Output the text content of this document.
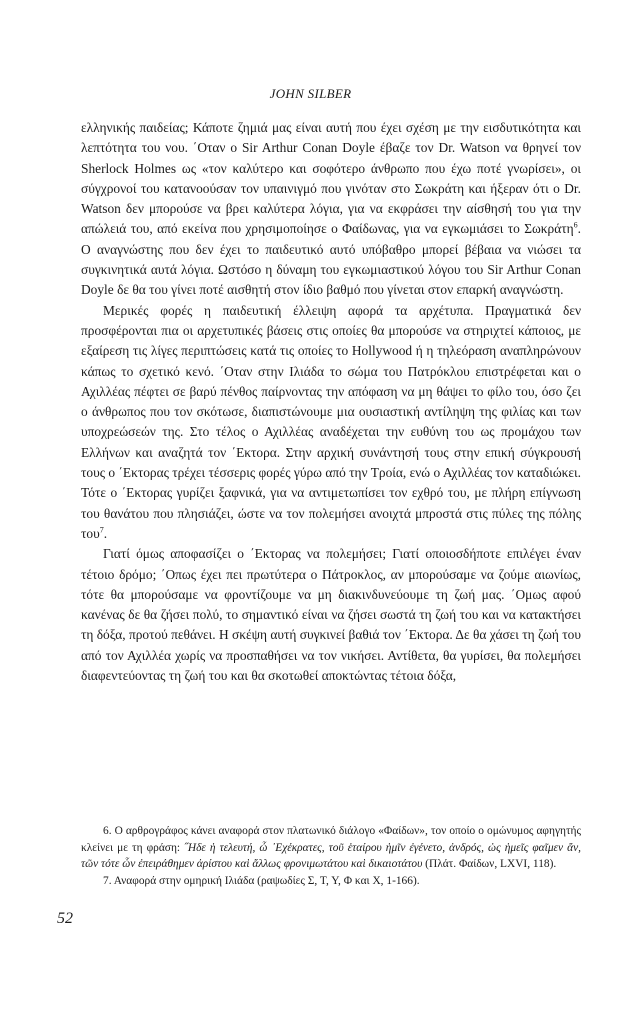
JOHN SILBER

ελληνικής παιδείας; Κάποτε ζημιά μας είναι αυτή που έχει σχέση με την εισδυτικότητα και λεπτότητα του νου. ΄Οταν ο Sir Arthur Conan Doyle έβαζε τον Dr. Watson να θρηνεί τον Sherlock Holmes ως «τον καλύτερο και σοφότερο άνθρωπο που έχω ποτέ γνωρίσει», οι σύγχρονοί του κατανοούσαν τον υπαινιγμό που γινόταν στο Σωκράτη και ήξεραν ότι ο Dr. Watson δεν μπορούσε να βρει καλύτερα λόγια, για να εκφράσει την αίσθησή του για την απώλειά του, από εκείνα που χρησιμοποίησε ο Φαίδωνας, για να εγκωμιάσει το Σωκράτη$^6$. Ο αναγνώστης που δεν έχει το παιδευτικό αυτό υπόβαθρο μπορεί βέβαια να νιώσει τα συγκινητικά αυτά λόγια. Ωστόσο η δύναμη του εγκωμιαστικού λόγου του Sir Arthur Conan Doyle δε θα του γίνει ποτέ αισθητή στον ίδιο βαθμό που γίνεται στον επαρκή αναγνώστη.

Μερικές φορές η παιδευτική έλλειψη αφορά τα αρχέτυπα. Πραγματικά δεν προσφέρονται πια οι αρχετυπικές βάσεις στις οποίες θα μπορούσε να στηριχτεί κάποιος, με εξαίρεση τις λίγες περιπτώσεις κατά τις οποίες το Hollywood ή η τηλεόραση αναπληρώνουν κάπως το σχετικό κενό. ΄Οταν στην Ιλιάδα το σώμα του Πατρόκλου επιστρέφεται και ο Αχιλλέας πέφτει σε βαρύ πένθος παίρνοντας την απόφαση να μη θάψει το φίλο του, όσο ζει ο άνθρωπος που τον σκότωσε, διαπιστώνουμε μια ουσιαστική αντίληψη της φιλίας και των υποχρεώσεών της. Στο τέλος ο Αχιλλέας αναδέχεται την ευθύνη του ως προμάχου των Ελλήνων και αναζητά τον ΄Εκτορα. Στην αρχική συνάντησή τους στην επική σύγκρουσή τους ο ΄Εκτορας τρέχει τέσσερις φορές γύρω από την Τροία, ενώ ο Αχιλλέας τον καταδιώκει. Τότε ο ΄Εκτορας γυρίζει ξαφνικά, για να αντιμετωπίσει τον εχθρό του, με πλήρη επίγνωση του θανάτου που πλησιάζει, ώστε να τον πολεμήσει ανοιχτά μπροστά στις πύλες της πόλης του$^7$.

Γιατί όμως αποφασίζει ο ΄Εκτορας να πολεμήσει; Γιατί οποιοσδήποτε επιλέγει έναν τέτοιο δρόμο; ΄Οπως έχει πει πρωτύτερα ο Πάτροκλος, αν μπορούσαμε να ζούμε αιωνίως, τότε θα μπορούσαμε να φροντίζουμε να μη διακινδυνεύουμε τη ζωή μας. ΄Ομως αφού κανένας δε θα ζήσει πολύ, το σημαντικό είναι να ζήσει σωστά τη ζωή του και να κατακτήσει τη δόξα, προτού πεθάνει. Η σκέψη αυτή συγκινεί βαθιά τον ΄Εκτορα. Δε θα χάσει τη ζωή του από τον Αχιλλέα χωρίς να προσπαθήσει να τον νικήσει. Αντίθετα, θα γυρίσει, θα πολεμήσει διαφεντεύοντας τη ζωή του και θα σκοτωθεί αποκτώντας τέτοια δόξα,

6. Ο αρθρογράφος κάνει αναφορά στον πλατωνικό διάλογο «Φαίδων», τον οποίο ο ομώνυμος αφηγητής κλείνει με τη φράση: ˝Ηδε ἡ τελευτή, ὦ ᾽Εχέκρατες, τοῦ ἑταίρου ἡμῖν ἐγένετο, ἀνδρός, ὡς ἡμεῖς φαῖμεν ἄν, τῶν τότε ὧν ἐπειράθημεν ἀρίστου καὶ ἄλλως φρονιμωτάτου καὶ δικαιοτάτου (Πλάτ. Φαίδων, LXVI, 118).

7. Αναφορά στην ομηρική Ιλιάδα (ραψωδίες Σ, Τ, Υ, Φ και Χ, 1-166).

52
